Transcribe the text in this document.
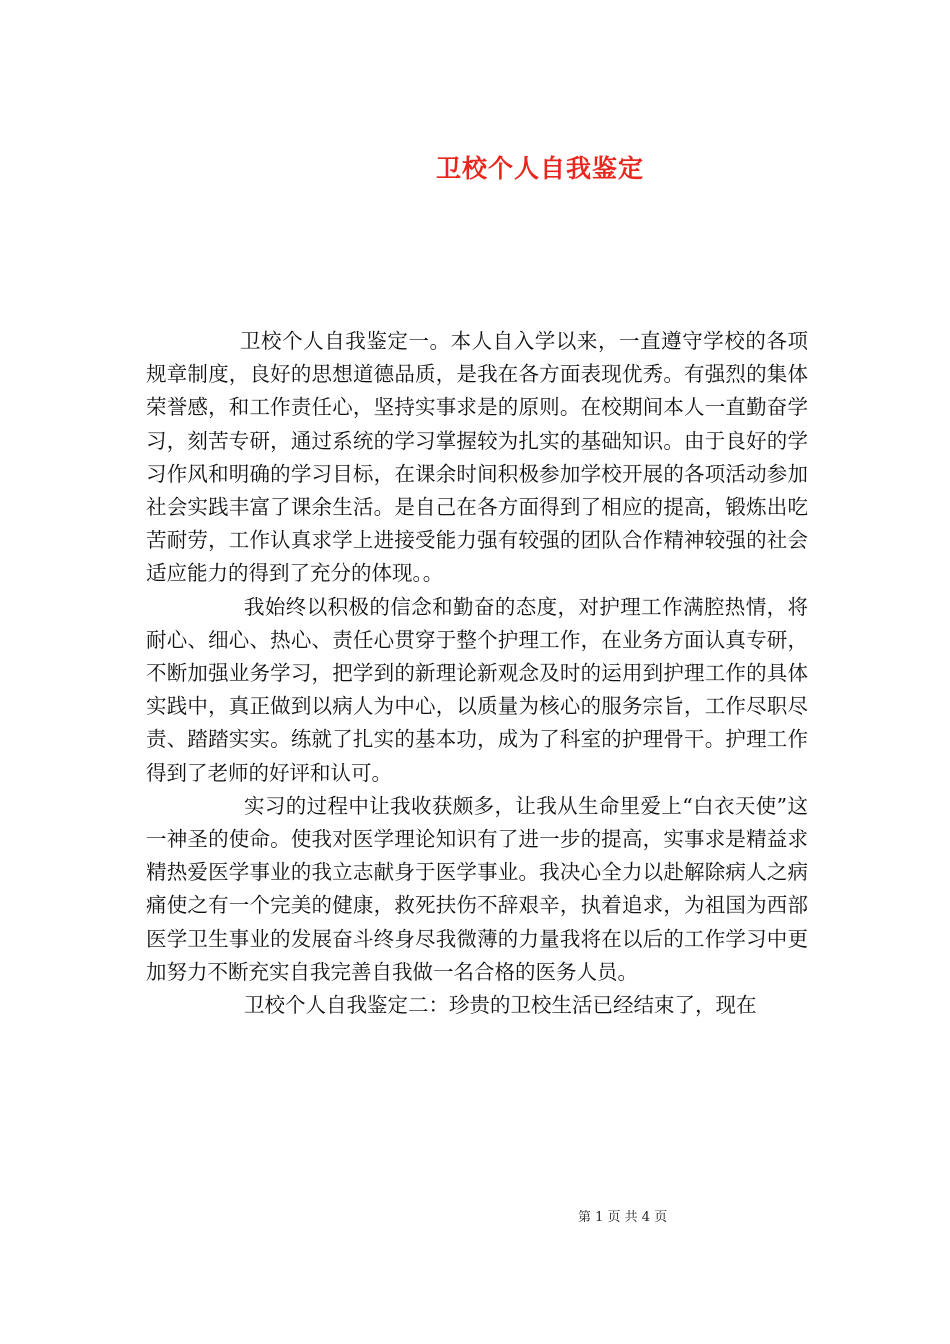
卫校个人自我鉴定

卫校个人自我鉴定一。本人自入学以来，一直遵守学校的各项规章制度，良好的思想道德品质，是我在各方面表现优秀。有强烈的集体荣誉感，和工作责任心，坚持实事求是的原则。在校期间本人一直勤奋学习，刻苦专研，通过系统的学习掌握较为扎实的基础知识。由于良好的学习作风和明确的学习目标，在课余时间积极参加学校开展的各项活动参加社会实践丰富了课余生活。是自己在各方面得到了相应的提高，锻炼出吃苦耐劳，工作认真求学上进接受能力强有较强的团队合作精神较强的社会适应能力的得到了充分的体现。。

我始终以积极的信念和勤奋的态度，对护理工作满腔热情，将耐心、细心、热心、责任心贯穿于整个护理工作，在业务方面认真专研，不断加强业务学习，把学到的新理论新观念及时的运用到护理工作的具体实践中，真正做到以病人为中心，以质量为核心的服务宗旨，工作尽职尽责、踏踏实实。练就了扎实的基本功，成为了科室的护理骨干。护理工作得到了老师的好评和认可。

实习的过程中让我收获颇多，让我从生命里爱上“白衣天使”这一神圣的使命。使我对医学理论知识有了进一步的提高，实事求是精益求精热爱医学事业的我立志献身于医学事业。我决心全力以赴解除病人之病痛使之有一个完美的健康，救死扶伤不辞艰辛，执着追求，为祖国为西部医学卫生事业的发展奋斗终身尽我微薄的力量我将在以后的工作学习中更加努力不断充实自我完善自我做一名合格的医务人员。

卫校个人自我鉴定二：珍贵的卫校生活已经结束了，现在

第 1 页 共 4 页
